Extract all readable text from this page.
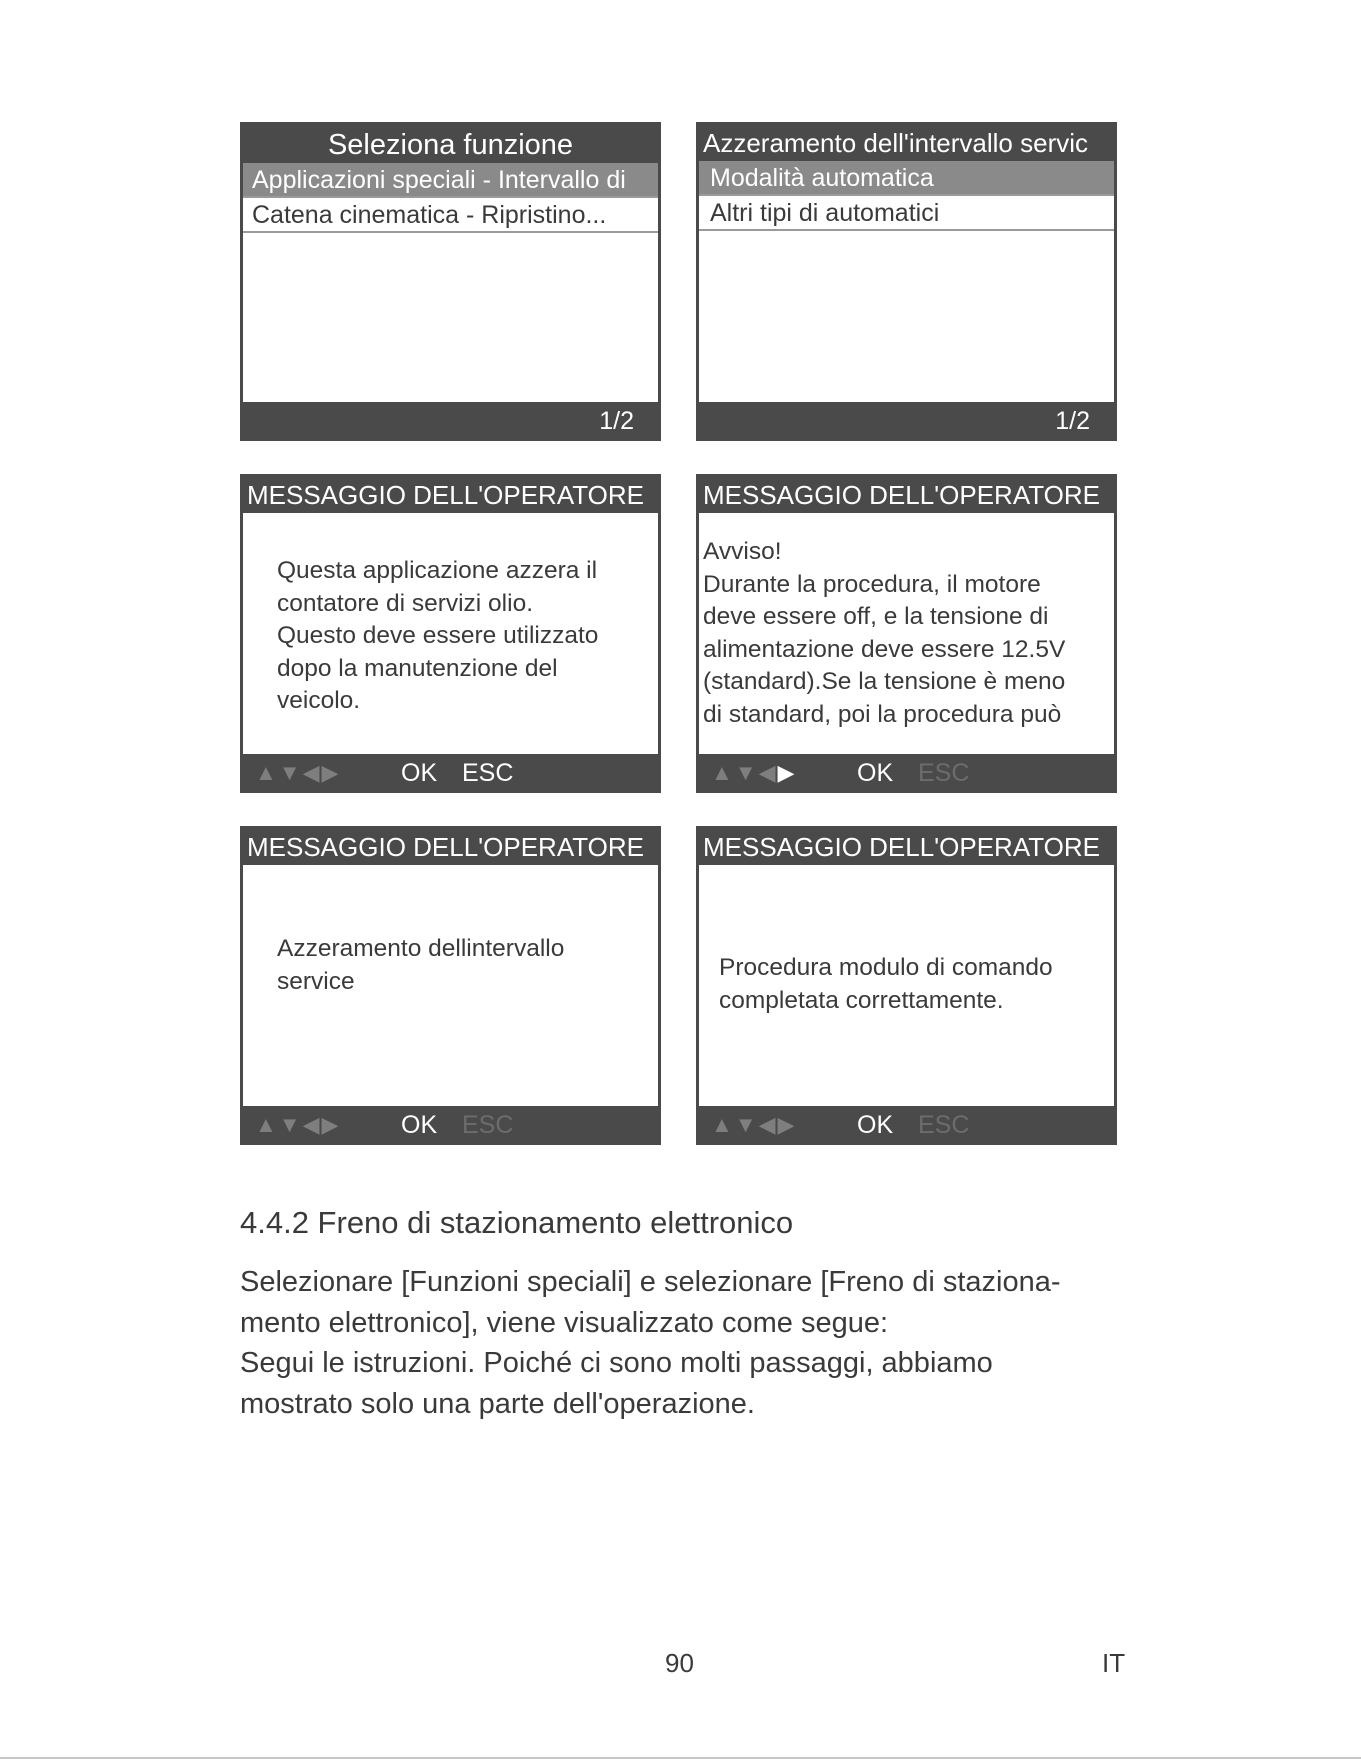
Seleziona funzione
Applicazioni speciali - Intervallo di
Catena cinematica - Ripristino...
1/2
Azzeramento dell'intervallo servic
Modalità automatica
Altri tipi di automatici
1/2
MESSAGGIO DELL'OPERATORE
Questa applicazione azzera il
contatore di servizi olio.
Questo deve essere utilizzato
dopo la manutenzione del
veicolo.
▲▼◀▶ OK ESC
MESSAGGIO DELL'OPERATORE
Avviso!
Durante la procedura, il motore
deve essere off, e la tensione di
alimentazione deve essere 12.5V
(standard).Se la tensione è meno
di standard, poi la procedura può
▲▼◀▶ OK ESC
MESSAGGIO DELL'OPERATORE
Azzeramento dellintervallo
service
▲▼◀▶ OK ESC
MESSAGGIO DELL'OPERATORE
Procedura modulo di comando
completata correttamente.
▲▼◀▶ OK ESC
4.4.2 Freno di stazionamento elettronico
Selezionare [Funzioni speciali] e selezionare [Freno di staziona-
mento elettronico], viene visualizzato come segue:
Segui le istruzioni. Poiché ci sono molti passaggi, abbiamo
mostrato solo una parte dell'operazione.
90	IT
